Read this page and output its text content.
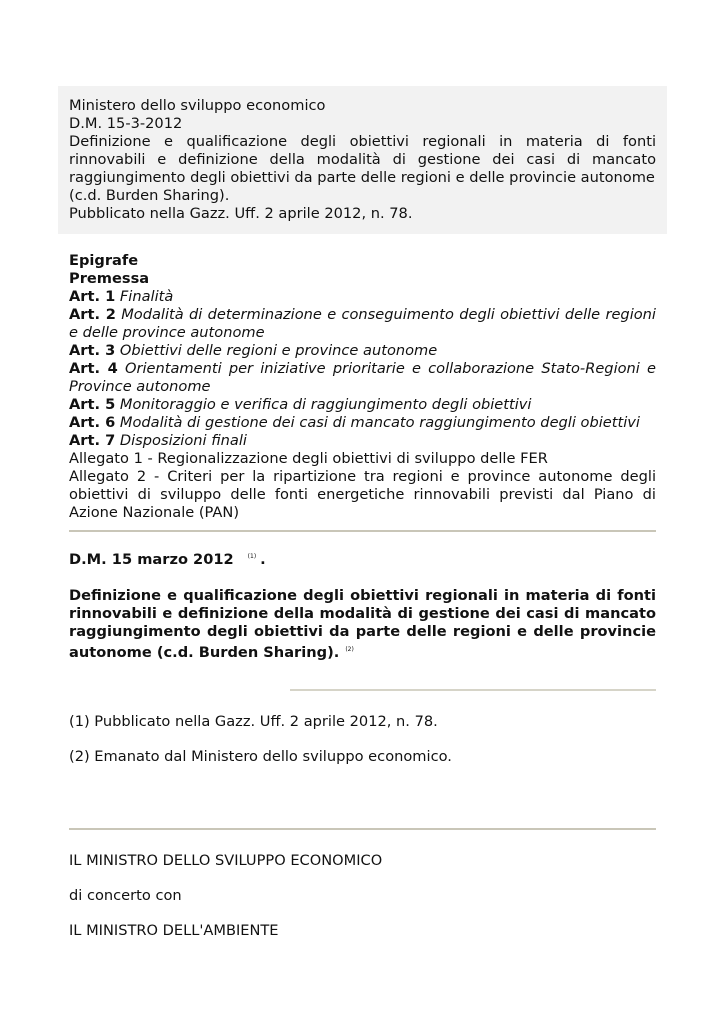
Ministero dello sviluppo economico
D.M. 15-3-2012
Definizione e qualificazione degli obiettivi regionali in materia di fonti
rinnovabili e definizione della modalità di gestione dei casi di mancato
raggiungimento degli obiettivi da parte delle regioni e delle provincie autonome
(c.d. Burden Sharing).
Pubblicato nella Gazz. Uff. 2 aprile 2012, n. 78.
Epigrafe
Premessa
Art. 1 Finalità
Art. 2 Modalità di determinazione e conseguimento degli obiettivi delle regioni
e delle province autonome
Art. 3 Obiettivi delle regioni e province autonome
Art. 4 Orientamenti per iniziative prioritarie e collaborazione Stato-Regioni e
Province autonome
Art. 5 Monitoraggio e verifica di raggiungimento degli obiettivi
Art. 6 Modalità di gestione dei casi di mancato raggiungimento degli obiettivi
Art. 7 Disposizioni finali
Allegato 1 - Regionalizzazione degli obiettivi di sviluppo delle FER
Allegato 2 - Criteri per la ripartizione tra regioni e province autonome degli
obiettivi di sviluppo delle fonti energetiche rinnovabili previsti dal Piano di
Azione Nazionale (PAN)
D.M. 15 marzo 2012 $^{(1)}$ .
Definizione e qualificazione degli obiettivi regionali in materia di fonti
rinnovabili e definizione della modalità di gestione dei casi di mancato
raggiungimento degli obiettivi da parte delle regioni e delle provincie
autonome (c.d. Burden Sharing). $^{(2)}$
(1) Pubblicato nella Gazz. Uff. 2 aprile 2012, n. 78.
(2) Emanato dal Ministero dello sviluppo economico.
IL MINISTRO DELLO SVILUPPO ECONOMICO
di concerto con
IL MINISTRO DELL'AMBIENTE
